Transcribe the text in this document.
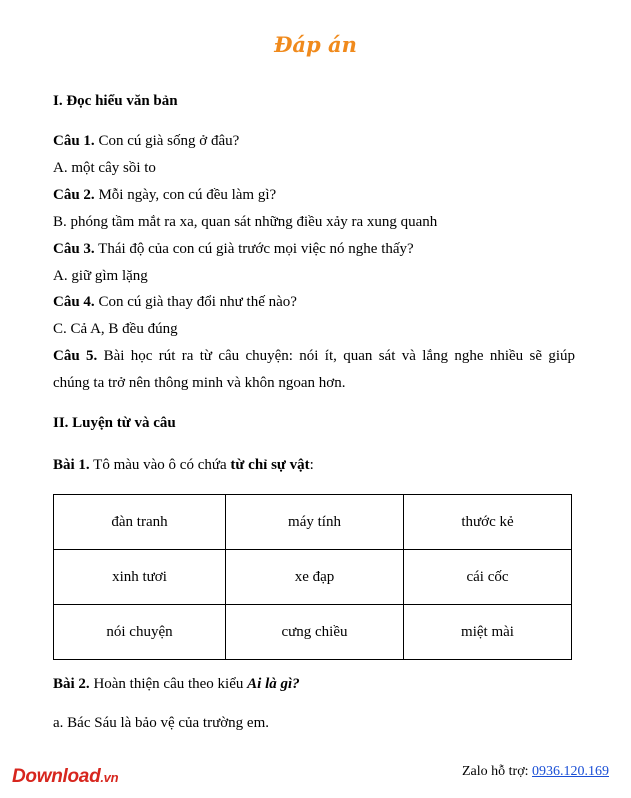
Đáp án
I. Đọc hiểu văn bản
Câu 1. Con cú già sống ở đâu?
A. một cây sồi to
Câu 2. Mỗi ngày, con cú đều làm gì?
B. phóng tầm mắt ra xa, quan sát những điều xảy ra xung quanh
Câu 3. Thái độ của con cú già trước mọi việc nó nghe thấy?
A. giữ gìm lặng
Câu 4. Con cú già thay đổi như thế nào?
C. Cả A, B đều đúng
Câu 5. Bài học rút ra từ câu chuyện: nói ít, quan sát và lắng nghe nhiều sẽ giúp
chúng ta trở nên thông minh và khôn ngoan hơn.
II. Luyện từ và câu
Bài 1. Tô màu vào ô có chứa từ chỉ sự vật:
đàn tranh	máy tính	thước kẻ
xinh tươi	xe đạp	cái cốc
nói chuyện	cưng chiều	miệt mài
Bài 2. Hoàn thiện câu theo kiểu Ai là gì?
a. Bác Sáu là bảo vệ của trường em.
Download.vn	Zalo hỗ trợ: 0936.120.169
